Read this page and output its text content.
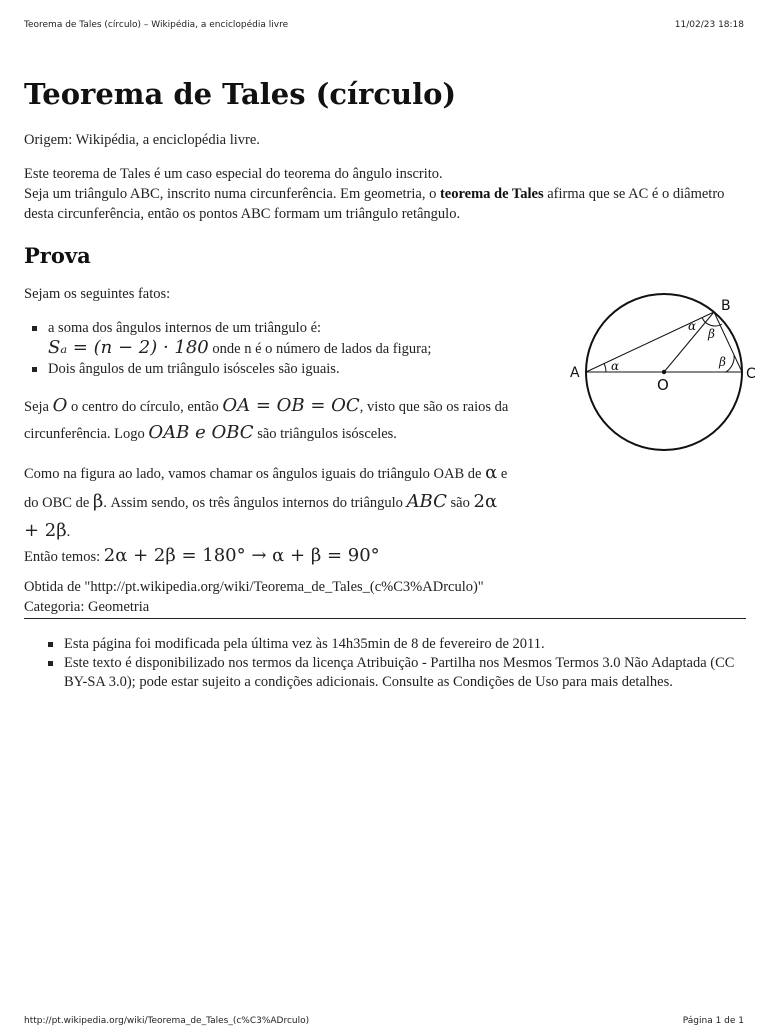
Teorema de Tales (círculo) – Wikipédia, a enciclopédia livre	11/02/23 18:18
Teorema de Tales (círculo)

Origem: Wikipédia, a enciclopédia livre.

Este teorema de Tales é um caso especial do teorema do ângulo inscrito.

Seja um triângulo ABC, inscrito numa circunferência. Em geometria, o teorema de Tales afirma que se AC é o diâmetro desta circunferência, então os pontos ABC formam um triângulo retângulo.

Prova
A
B
C
O
α
α
β
β

Sejam os seguintes fatos:

a soma dos ângulos internos de um triângulo é:
Sₐ = (n − 2) · 180 onde n é o número de lados da figura;
Dois ângulos de um triângulo isósceles são iguais.

Seja O o centro do círculo, então OA = OB = OC, visto que são os raios da circunferência. Logo OAB e OBC são triângulos isósceles.

Como na figura ao lado, vamos chamar os ângulos iguais do triângulo OAB de α e do OBC de β. Assim sendo, os três ângulos internos do triângulo ABC são 2α + 2β.

Então temos: 2α + 2β = 180° → α + β = 90°

Obtida de "http://pt.wikipedia.org/wiki/Teorema_de_Tales_(c%C3%ADrculo)"

Categoria: Geometria

Esta página foi modificada pela última vez às 14h35min de 8 de fevereiro de 2011.
Este texto é disponibilizado nos termos da licença Atribuição - Partilha nos Mesmos Termos 3.0 Não Adaptada (CC BY-SA 3.0); pode estar sujeito a condições adicionais. Consulte as Condições de Uso para mais detalhes.
http://pt.wikipedia.org/wiki/Teorema_de_Tales_(c%C3%ADrculo)	Página 1 de 1
